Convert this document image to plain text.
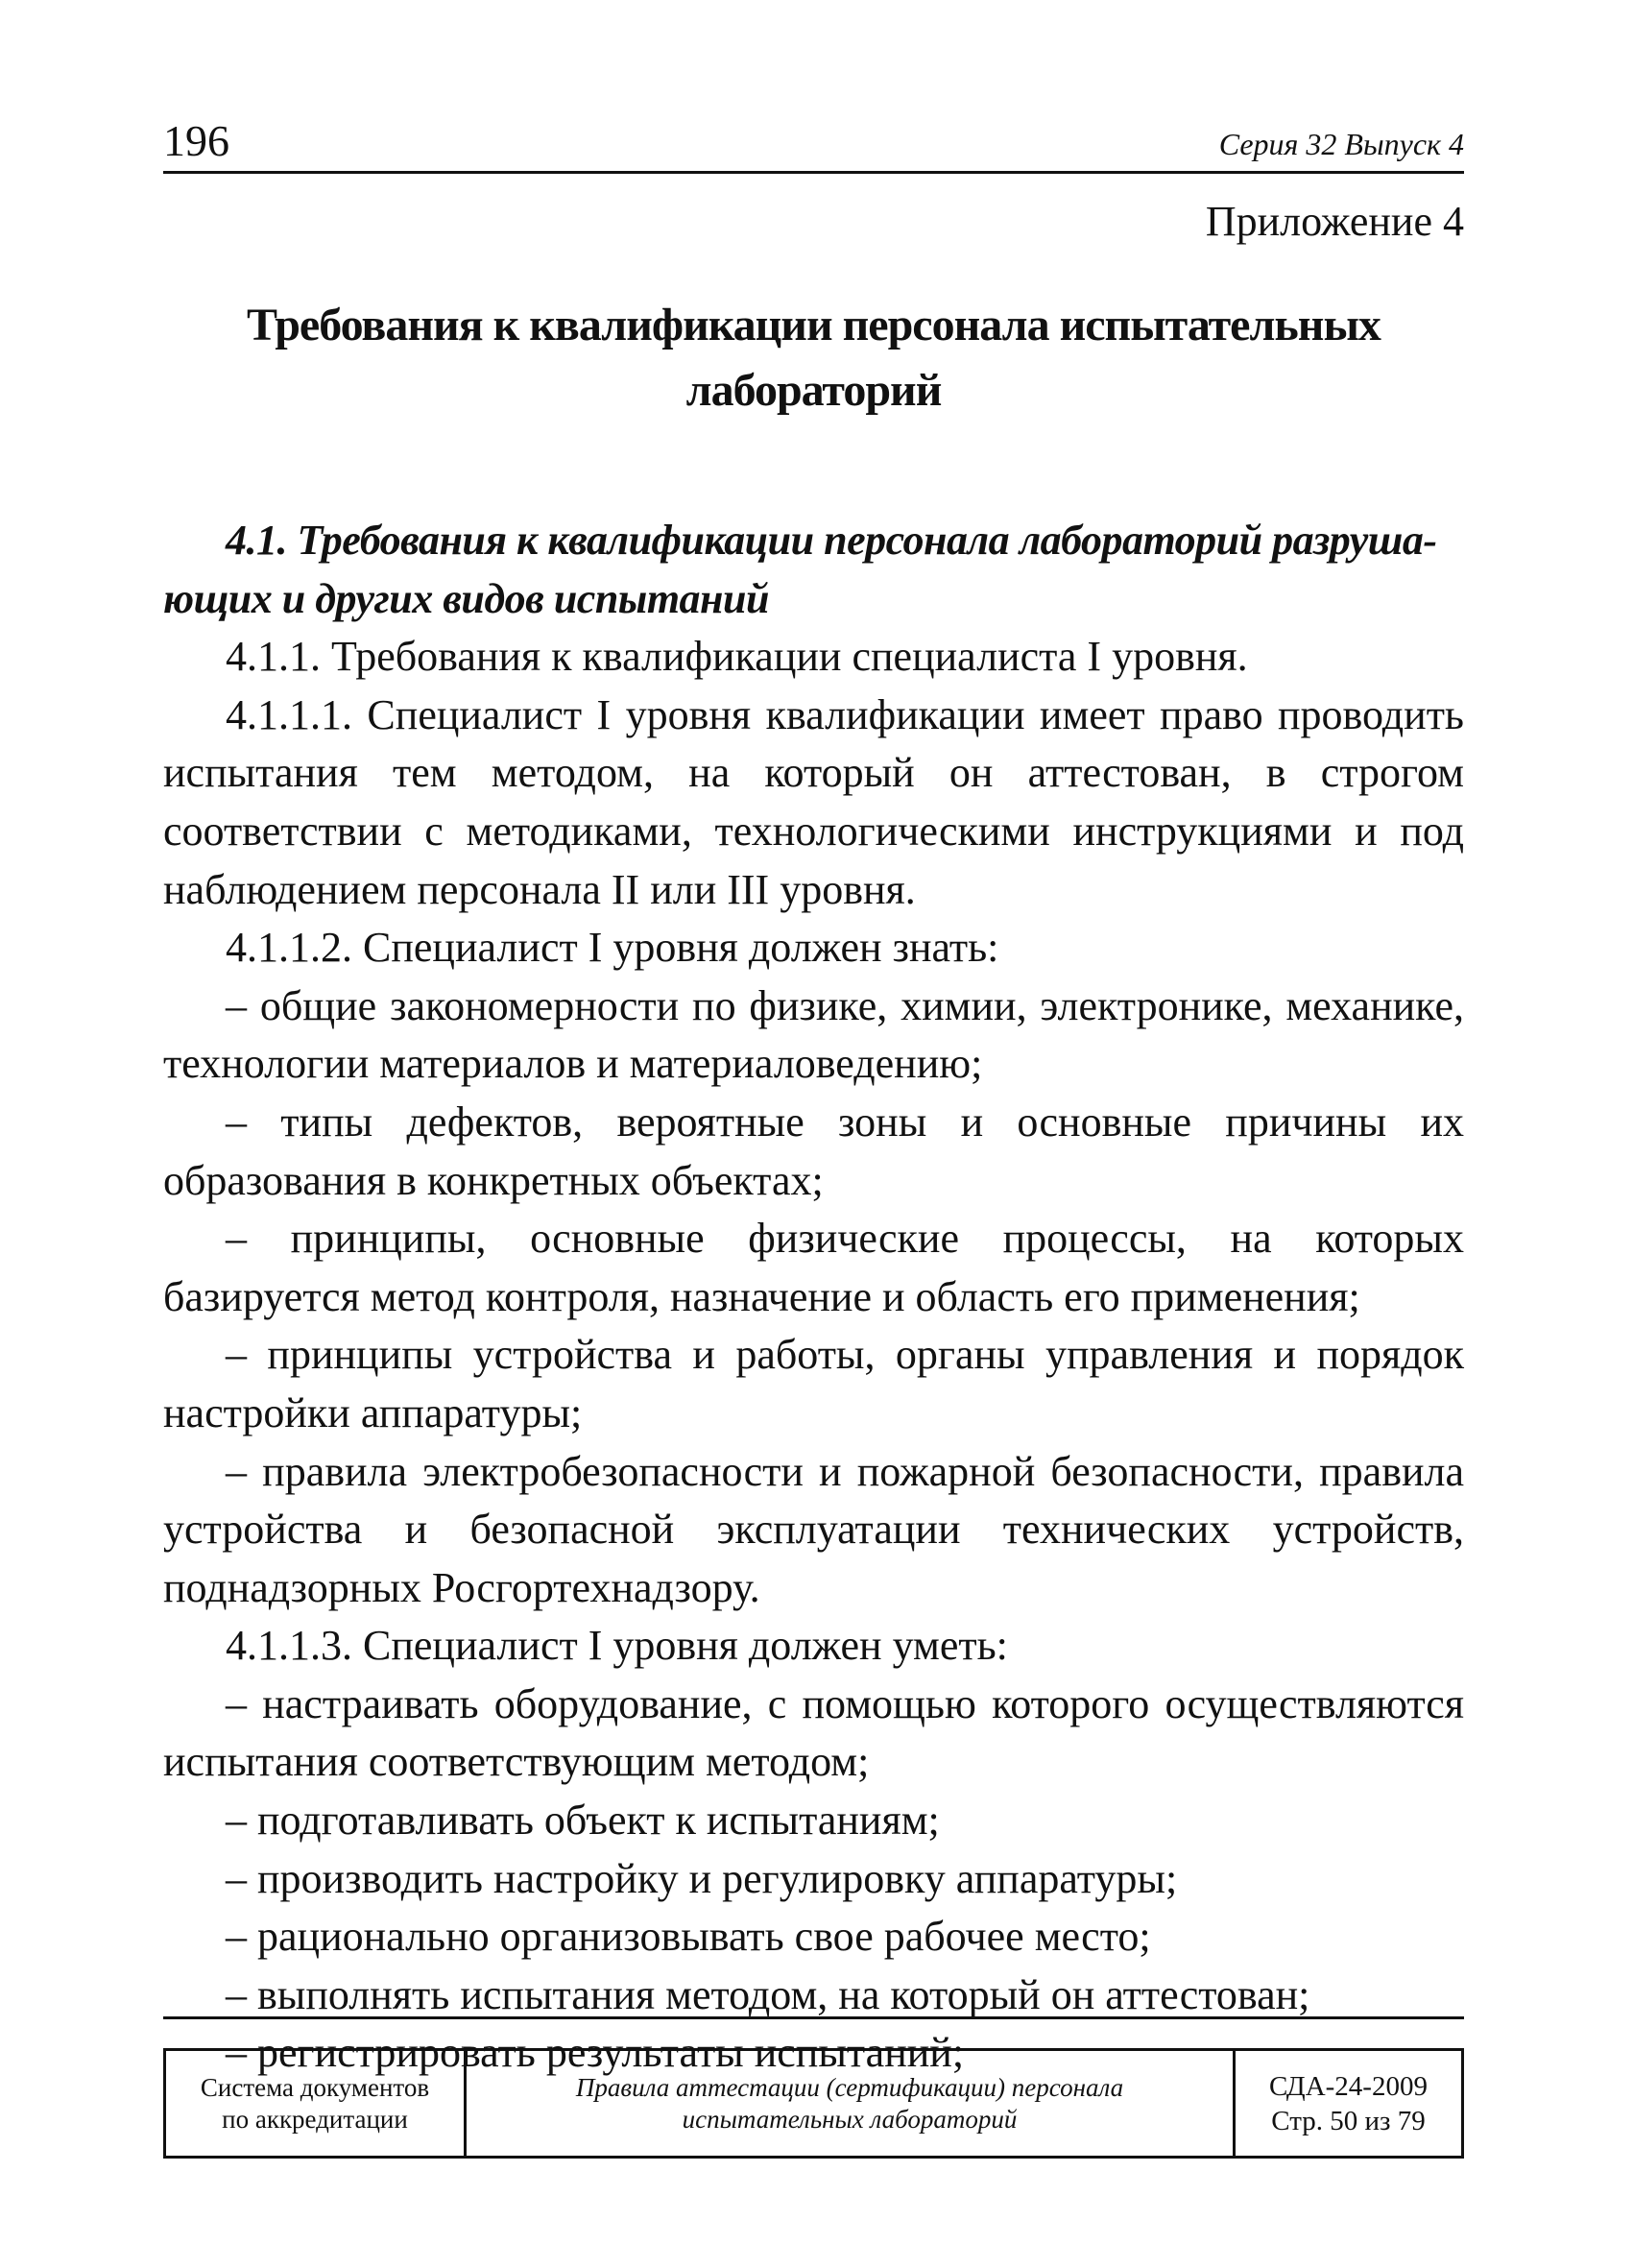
196	Серия 32 Выпуск 4
Приложение 4
Требования к квалификации персонала испытательных
лабораторий

4.1. Требования к квалификации персонала лабораторий разруша-
ющих и других видов испытаний

4.1.1. Требования к квалификации специалиста I уровня.

4.1.1.1. Специалист I уровня квалификации имеет право проводить испытания тем методом, на который он аттестован, в строгом соответствии с методиками, технологическими инструкциями и под наблюдением персонала II или III уровня.

4.1.1.2. Специалист I уровня должен знать:

– общие закономерности по физике, химии, электронике, механике, технологии материалов и материаловедению;

– типы дефектов, вероятные зоны и основные причины их образования в конкретных объектах;

– принципы, основные физические процессы, на которых базируется метод контроля, назначение и область его применения;

– принципы устройства и работы, органы управления и порядок настройки аппаратуры;

– правила электробезопасности и пожарной безопасности, правила устройства и безопасной эксплуатации технических устройств, поднадзорных Росгортехнадзору.

4.1.1.3. Специалист I уровня должен уметь:

– настраивать оборудование, с помощью которого осуществляются испытания соответствующим методом;

– подготавливать объект к испытаниям;

– производить настройку и регулировку аппаратуры;

– рационально организовывать свое рабочее место;

– выполнять испытания методом, на который он аттестован;

– регистрировать результаты испытаний;

Система документов
по аккредитации
Правила аттестации (сертификации) персонала
испытательных лабораторий
СДА-24-2009
Стр. 50 из 79
